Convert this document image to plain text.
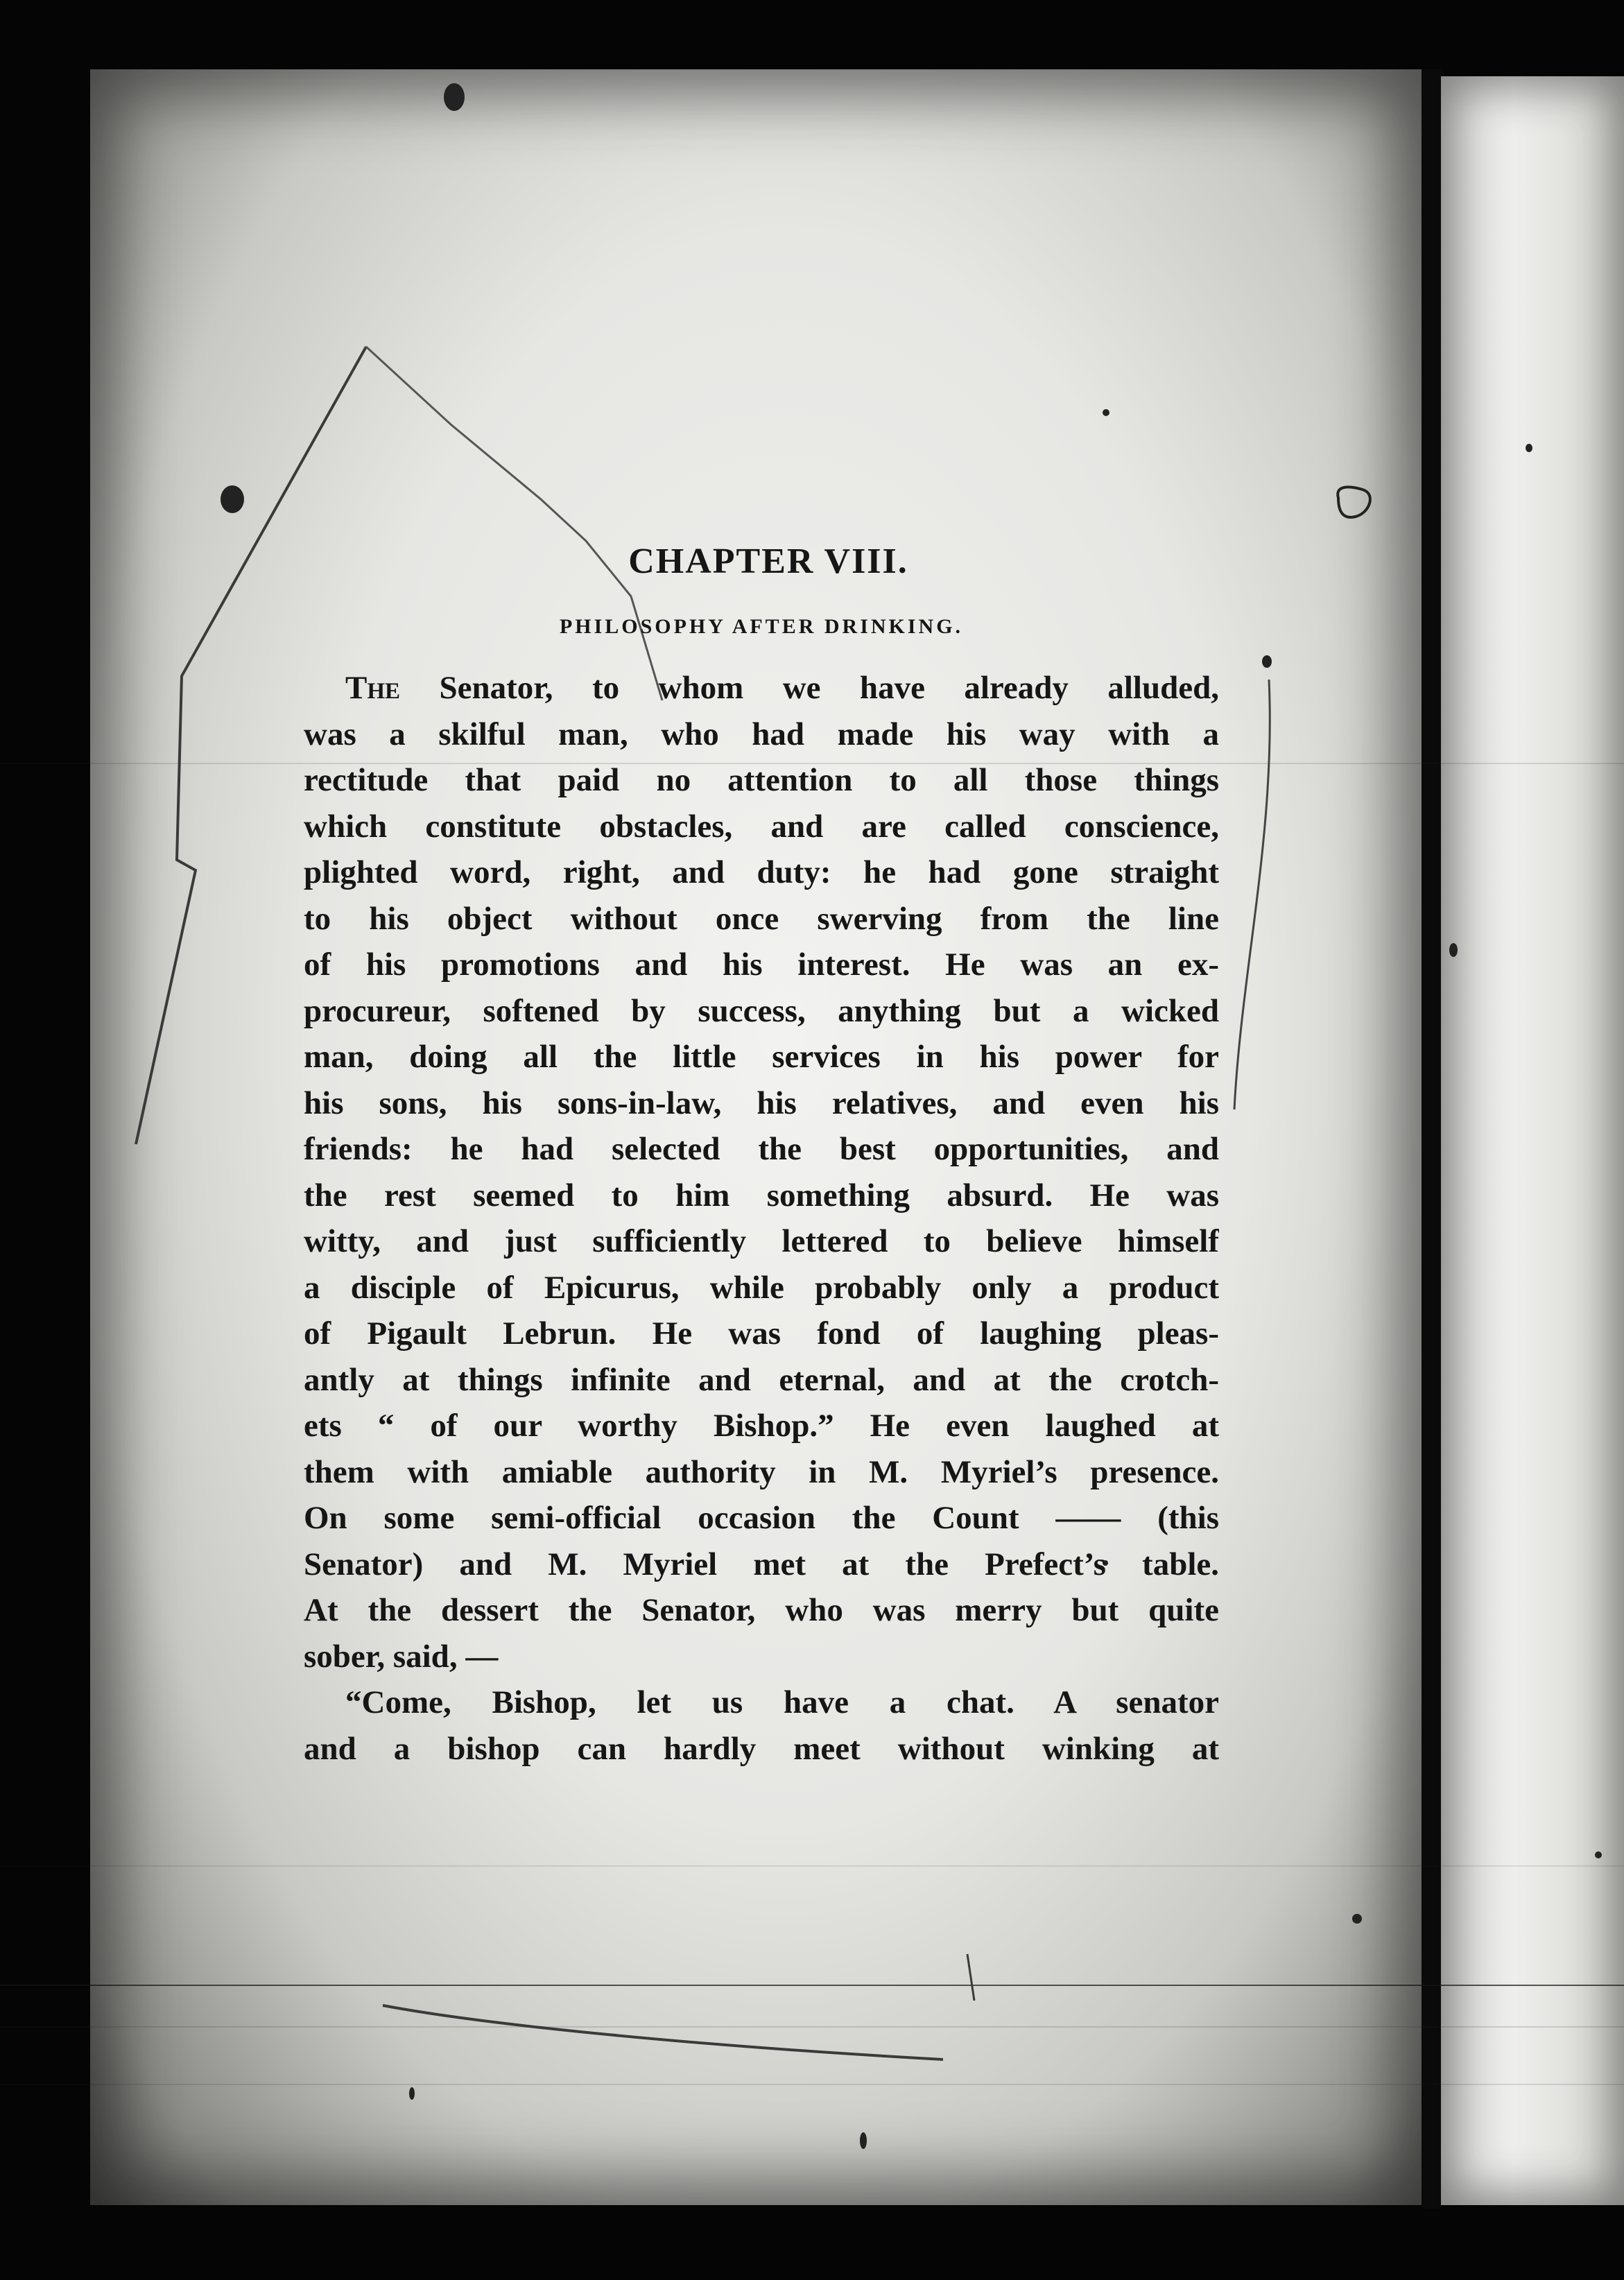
CHAPTER VIII.
PHILOSOPHY AFTER DRINKING.
The Senator, to whom we have already alluded,
was a skilful man, who had made his way with a
rectitude that paid no attention to all those things
which constitute obstacles, and are called conscience,
plighted word, right, and duty: he had gone straight
to his object without once swerving from the line
of his promotions and his interest. He was an ex-
procureur, softened by success, anything but a wicked
man, doing all the little services in his power for
his sons, his sons-in-law, his relatives, and even his
friends: he had selected the best opportunities, and
the rest seemed to him something absurd. He was
witty, and just sufficiently lettered to believe himself
a disciple of Epicurus, while probably only a product
of Pigault Lebrun. He was fond of laughing pleas-
antly at things infinite and eternal, and at the crotch-
ets “ of our worthy Bishop.” He even laughed at
them with amiable authority in M. Myriel’s presence.
On some semi-official occasion the Count —— (this
Senator) and M. Myriel met at the Prefect’s table.
At the dessert the Senator, who was merry but quite
sober, said, —
“Come, Bishop, let us have a chat. A senator
and a bishop can hardly meet without winking at
